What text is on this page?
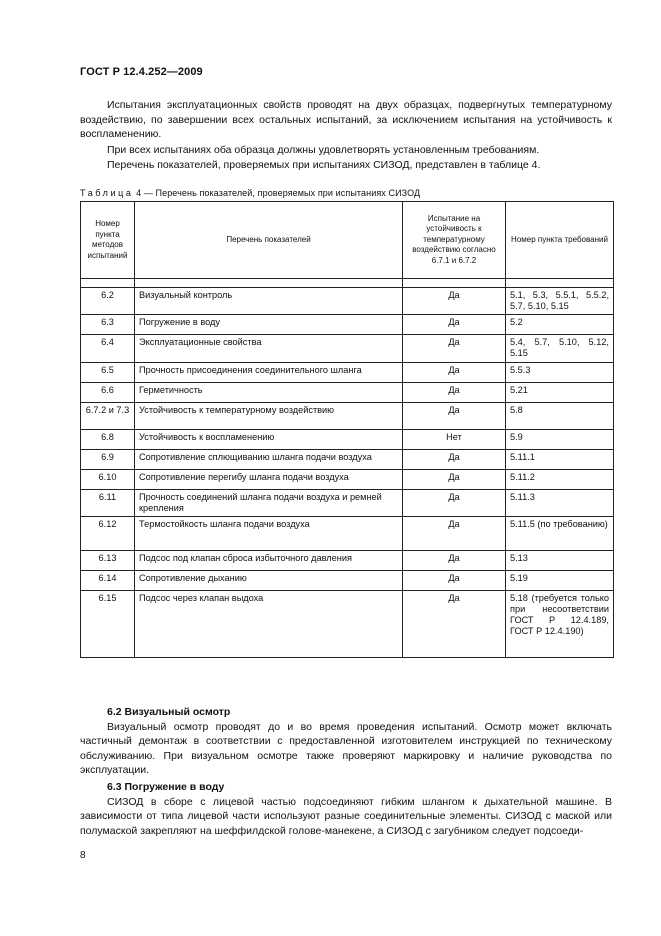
ГОСТ Р 12.4.252—2009

Испытания эксплуатационных свойств проводят на двух образцах, подвергнутых температурному воздействию, по завершении всех остальных испытаний, за исключением испытания на устойчивость к воспламенению.

При всех испытаниях оба образца должны удовлетворять установленным требованиям.

Перечень показателей, проверяемых при испытаниях СИЗОД, представлен в таблице 4.

Таблица 4 — Перечень показателей, проверяемых при испытаниях СИЗОД
Номер пункта методов испытаний	Перечень показателей	Испытание на устойчивость к температурному воздействию согласно 6.7.1 и 6.7.2	Номер пункта требований

6.2	Визуальный контроль	Да	5.1, 5.3, 5.5.1, 5.5.2, 5.7, 5.10, 5.15
6.3	Погружение в воду	Да	5.2
6.4	Эксплуатационные свойства	Да	5.4, 5.7, 5.10, 5.12, 5.15
6.5	Прочность присоединения соединительного шланга	Да	5.5.3
6.6	Герметичность	Да	5.21
6.7.2 и 7.3	Устойчивость к температурному воздействию	Да	5.8
6.8	Устойчивость к воспламенению	Нет	5.9
6.9	Сопротивление сплющиванию шланга подачи воздуха	Да	5.11.1
6.10	Сопротивление перегибу шланга подачи воздуха	Да	5.11.2
6.11	Прочность соединений шланга подачи воздуха и ремней крепления	Да	5.11.3
6.12	Термостойкость шланга подачи воздуха	Да	5.11.5 (по требованию)
6.13	Подсос под клапан сброса избыточного давления	Да	5.13
6.14	Сопротивление дыханию	Да	5.19
6.15	Подсос через клапан выдоха	Да	5.18 (требуется только при несоответствии ГОСТ Р 12.4.189, ГОСТ Р 12.4.190)
6.2 Визуальный осмотр

Визуальный осмотр проводят до и во время проведения испытаний. Осмотр может включать частичный демонтаж в соответствии с предоставленной изготовителем инструкцией по техническому обслуживанию. При визуальном осмотре также проверяют маркировку и наличие руководства по эксплуатации.

6.3 Погружение в воду

СИЗОД в сборе с лицевой частью подсоединяют гибким шлангом к дыхательной машине. В зависимости от типа лицевой части используют разные соединительные элементы. СИЗОД с маской или полумаской закрепляют на шеффилдской голове-манекене, а СИЗОД с загубником следует подсоеди-

8
